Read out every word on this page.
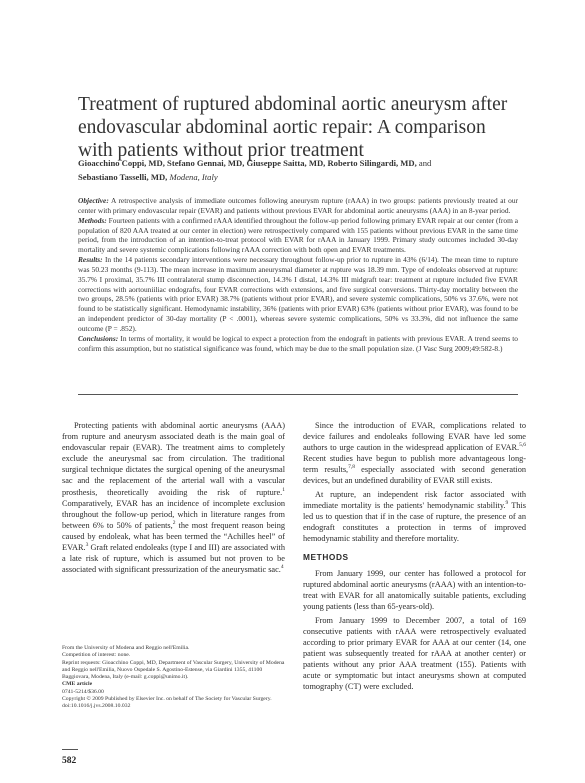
Treatment of ruptured abdominal aortic aneurysm after endovascular abdominal aortic repair: A comparison with patients without prior treatment
Gioacchino Coppi, MD, Stefano Gennai, MD, Giuseppe Saitta, MD, Roberto Silingardi, MD, and
Sebastiano Tasselli, MD, Modena, Italy

Objective: A retrospective analysis of immediate outcomes following aneurysm rupture (rAAA) in two groups: patients previously treated at our center with primary endovascular repair (EVAR) and patients without previous EVAR for abdominal aortic aneurysms (AAA) in an 8-year period.

Methods: Fourteen patients with a confirmed rAAA identified throughout the follow-up period following primary EVAR repair at our center (from a population of 820 AAA treated at our center in election) were retrospectively compared with 155 patients without previous EVAR in the same time period, from the introduction of an intention-to-treat protocol with EVAR for rAAA in January 1999. Primary study outcomes included 30-day mortality and severe systemic complications following rAAA correction with both open and EVAR treatments.

Results: In the 14 patients secondary interventions were necessary throughout follow-up prior to rupture in 43% (6/14). The mean time to rupture was 50.23 months (9-113). The mean increase in maximum aneurysmal diameter at rupture was 18.39 mm. Type of endoleaks observed at rupture: 35.7% I proximal, 35.7% III contralateral stump disconnection, 14.3% I distal, 14.3% III midgraft tear: treatment at rupture included five EVAR corrections with aortouniiliac endografts, four EVAR corrections with extensions, and five surgical conversions. Thirty-day mortality between the two groups, 28.5% (patients with prior EVAR) 38.7% (patients without prior EVAR), and severe systemic complications, 50% vs 37.6%, were not found to be statistically significant. Hemodynamic instability, 36% (patients with prior EVAR) 63% (patients without prior EVAR), was found to be an independent predictor of 30-day mortality (P < .0001), whereas severe systemic complications, 50% vs 33.3%, did not influence the same outcome (P = .852).

Conclusions: In terms of mortality, it would be logical to expect a protection from the endograft in patients with previous EVAR. A trend seems to confirm this assumption, but no statistical significance was found, which may be due to the small population size. (J Vasc Surg 2009;49:582-8.)

Protecting patients with abdominal aortic aneurysms (AAA) from rupture and aneurysm associated death is the main goal of endovascular repair (EVAR). The treatment aims to completely exclude the aneurysmal sac from circulation. The traditional surgical technique dictates the surgical opening of the aneurysmal sac and the replacement of the arterial wall with a vascular prosthesis, theoretically avoiding the risk of rupture.$^1$ Comparatively, EVAR has an incidence of incomplete exclusion throughout the follow-up period, which in literature ranges from between 6% to 50% of patients,$^2$ the most frequent reason being caused by endoleak, what has been termed the “Achilles heel” of EVAR.$^3$ Graft related endoleaks (type I and III) are associated with a late risk of rupture, which is assumed but not proven to be associated with significant pressurization of the aneurysmatic sac.$^4$

From the University of Modena and Reggio nell'Emilia.
Competition of interest: none.
Reprint requests: Gioacchino Coppi, MD, Department of Vascular Surgery, University of Modena and Reggio nell'Emilia, Nuovo Ospedale S. Agostino-Estense, via Giardini 1355, 41100 Baggiovara, Modena, Italy (e-mail: g.coppi@unimo.it).
CME article
0741-5214/$36.00
Copyright © 2009 Published by Elsevier Inc. on behalf of The Society for Vascular Surgery.
doi:10.1016/j.jvs.2008.10.032
582

Since the introduction of EVAR, complications related to device failures and endoleaks following EVAR have led some authors to urge caution in the widespread application of EVAR.$^{5,6}$ Recent studies have begun to publish more advantageous long-term results,$^{7,8}$ especially associated with second generation devices, but an undefined durability of EVAR still exists.

At rupture, an independent risk factor associated with immediate mortality is the patients' hemodynamic stability.$^9$ This led us to question that if in the case of rupture, the presence of an endograft constitutes a protection in terms of improved hemodynamic stability and therefore mortality.

METHODS

From January 1999, our center has followed a protocol for ruptured abdominal aortic aneurysms (rAAA) with an intention-to-treat with EVAR for all anatomically suitable patients, excluding young patients (less than 65-years-old).

From January 1999 to December 2007, a total of 169 consecutive patients with rAAA were retrospectively evaluated according to prior primary EVAR for AAA at our center (14, one patient was subsequently treated for rAAA at another center) or patients without any prior AAA treatment (155). Patients with acute or symptomatic but intact aneurysms shown at computed tomography (CT) were excluded.
